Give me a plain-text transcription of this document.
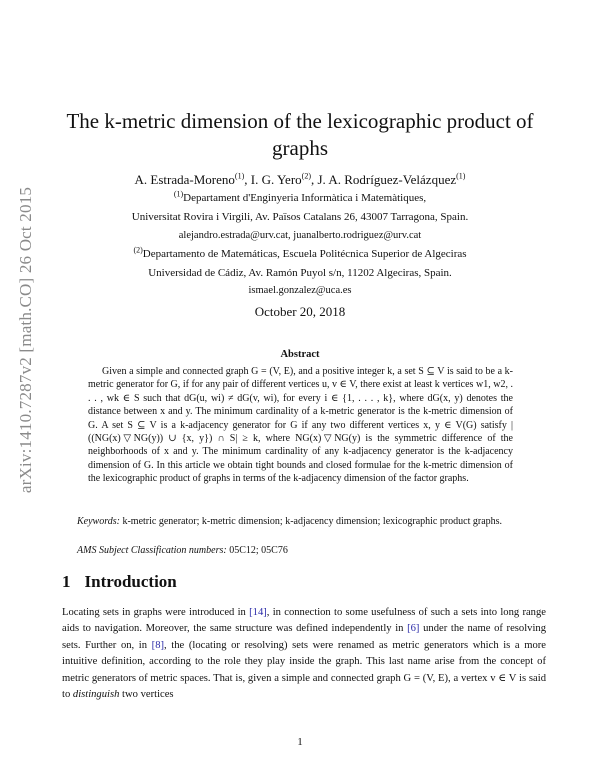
arXiv:1410.7287v2 [math.CO] 26 Oct 2015
The k-metric dimension of the lexicographic product of graphs
A. Estrada-Moreno$^{(1)}$, I. G. Yero$^{(2)}$, J. A. Rodríguez-Velázquez$^{(1)}$
$^{(1)}$Departament d'Enginyeria Informàtica i Matemàtiques,
Universitat Rovira i Virgili, Av. Països Catalans 26, 43007 Tarragona, Spain.
alejandro.estrada@urv.cat, juanalberto.rodriguez@urv.cat
$^{(2)}$Departamento de Matemáticas, Escuela Politécnica Superior de Algeciras
Universidad de Cádiz, Av. Ramón Puyol s/n, 11202 Algeciras, Spain.
ismael.gonzalez@uca.es
October 20, 2018
Abstract
Given a simple and connected graph G = (V, E), and a positive integer k, a set S ⊆ V is said to be a k-metric generator for G, if for any pair of different vertices u, v ∈ V, there exist at least k vertices w1, w2, . . . , wk ∈ S such that dG(u, wi) ≠ dG(v, wi), for every i ∈ {1, . . . , k}, where dG(x, y) denotes the distance between x and y. The minimum cardinality of a k-metric generator is the k-metric dimension of G. A set S ⊆ V is a k-adjacency generator for G if any two different vertices x, y ∈ V(G) satisfy |((NG(x)▽NG(y)) ∪ {x, y}) ∩ S| ≥ k, where NG(x)▽NG(y) is the symmetric difference of the neighborhoods of x and y. The minimum cardinality of any k-adjacency generator is the k-adjacency dimension of G. In this article we obtain tight bounds and closed formulae for the k-metric dimension of the lexicographic product of graphs in terms of the k-adjacency dimension of the factor graphs.
Keywords: k-metric generator; k-metric dimension; k-adjacency dimension; lexicographic product graphs.
AMS Subject Classification numbers: 05C12; 05C76
1 Introduction
Locating sets in graphs were introduced in [14], in connection to some usefulness of such a sets into long range aids to navigation. Moreover, the same structure was defined independently in [6] under the name of resolving sets. Further on, in [8], the (locating or resolving) sets were renamed as metric generators which is a more intuitive definition, according to the role they play inside the graph. This last name arise from the concept of metric generators of metric spaces. That is, given a simple and connected graph G = (V, E), a vertex v ∈ V is said to distinguish two vertices
1
